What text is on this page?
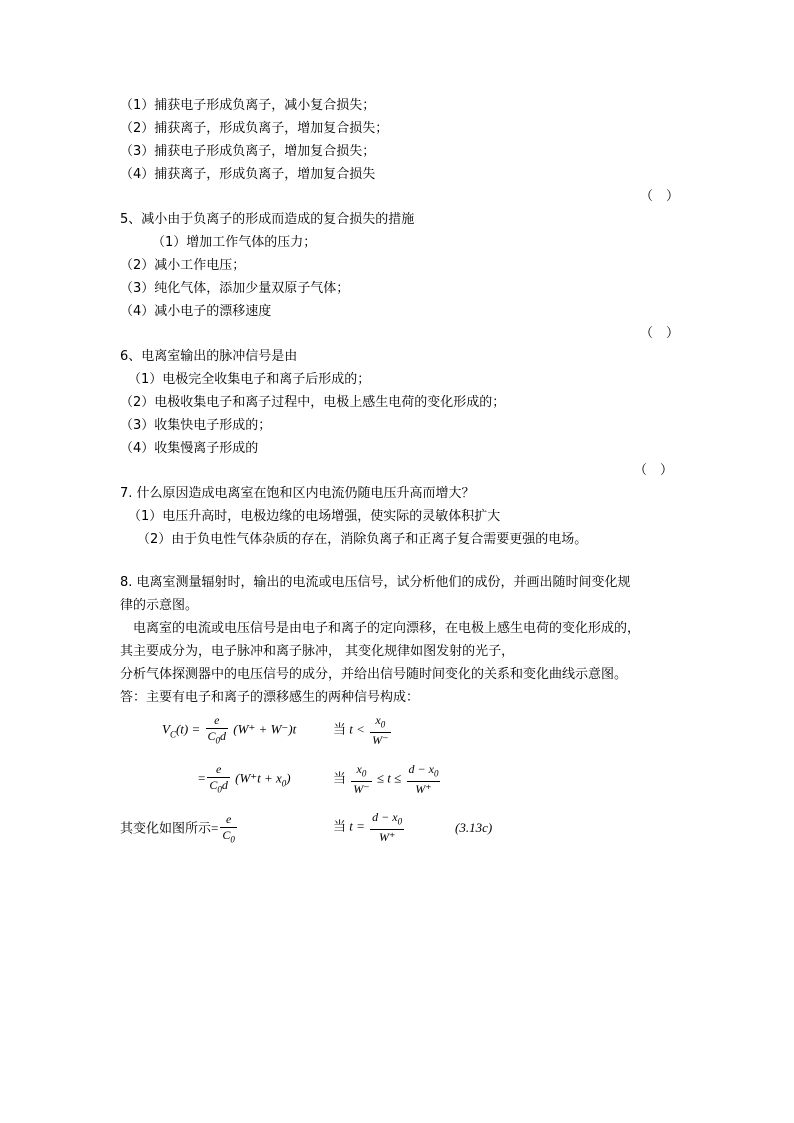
（1）捕获电子形成负离子，减小复合损失；
（2）捕获离子，形成负离子，增加复合损失；
（3）捕获电子形成负离子，增加复合损失；
（4）捕获离子，形成负离子，增加复合损失
（　）
5、减小由于负离子的形成而造成的复合损失的措施
（1）增加工作气体的压力；
（2）减小工作电压；
（3）纯化气体，添加少量双原子气体；
（4）减小电子的漂移速度
（　）
6、电离室输出的脉冲信号是由
（1）电极完全收集电子和离子后形成的；
（2）电极收集电子和离子过程中，电极上感生电荷的变化形成的；
（3）收集快电子形成的；
（4）收集慢离子形成的
（　）
7. 什么原因造成电离室在饱和区内电流仍随电压升高而增大？
（1）电压升高时，电极边缘的电场增强，使实际的灵敏体积扩大
（2）由于负电性气体杂质的存在，消除负离子和正离子复合需要更强的电场。
8. 电离室测量辐射时，输出的电流或电压信号，试分析他们的成份，并画出随时间变化规
律的示意图。
电离室的电流或电压信号是由电子和离子的定向漂移，在电极上感生电荷的变化形成的，
其主要成分为，电子脉冲和离子脉冲， 其变化规律如图发射的光子，
分析气体探测器中的电压信号的成分，并给出信号随时间变化的关系和变化曲线示意图。
答：主要有电子和离子的漂移感生的两种信号构成：
$V_C(t) = \frac{e}{C_0d} (W^+ + W^-)t$	当 $t < \frac{x_0}{W^-}$
= $\frac{e}{C_0d} (W^+t + x_0)$	当 $\frac{x_0}{W^-} \le t \le \frac{d - x_0}{W^+}$
其变化如图所示= $\frac{e}{C_0}$	当 $t = \frac{d - x_0}{W^+}$	(3.13c)
